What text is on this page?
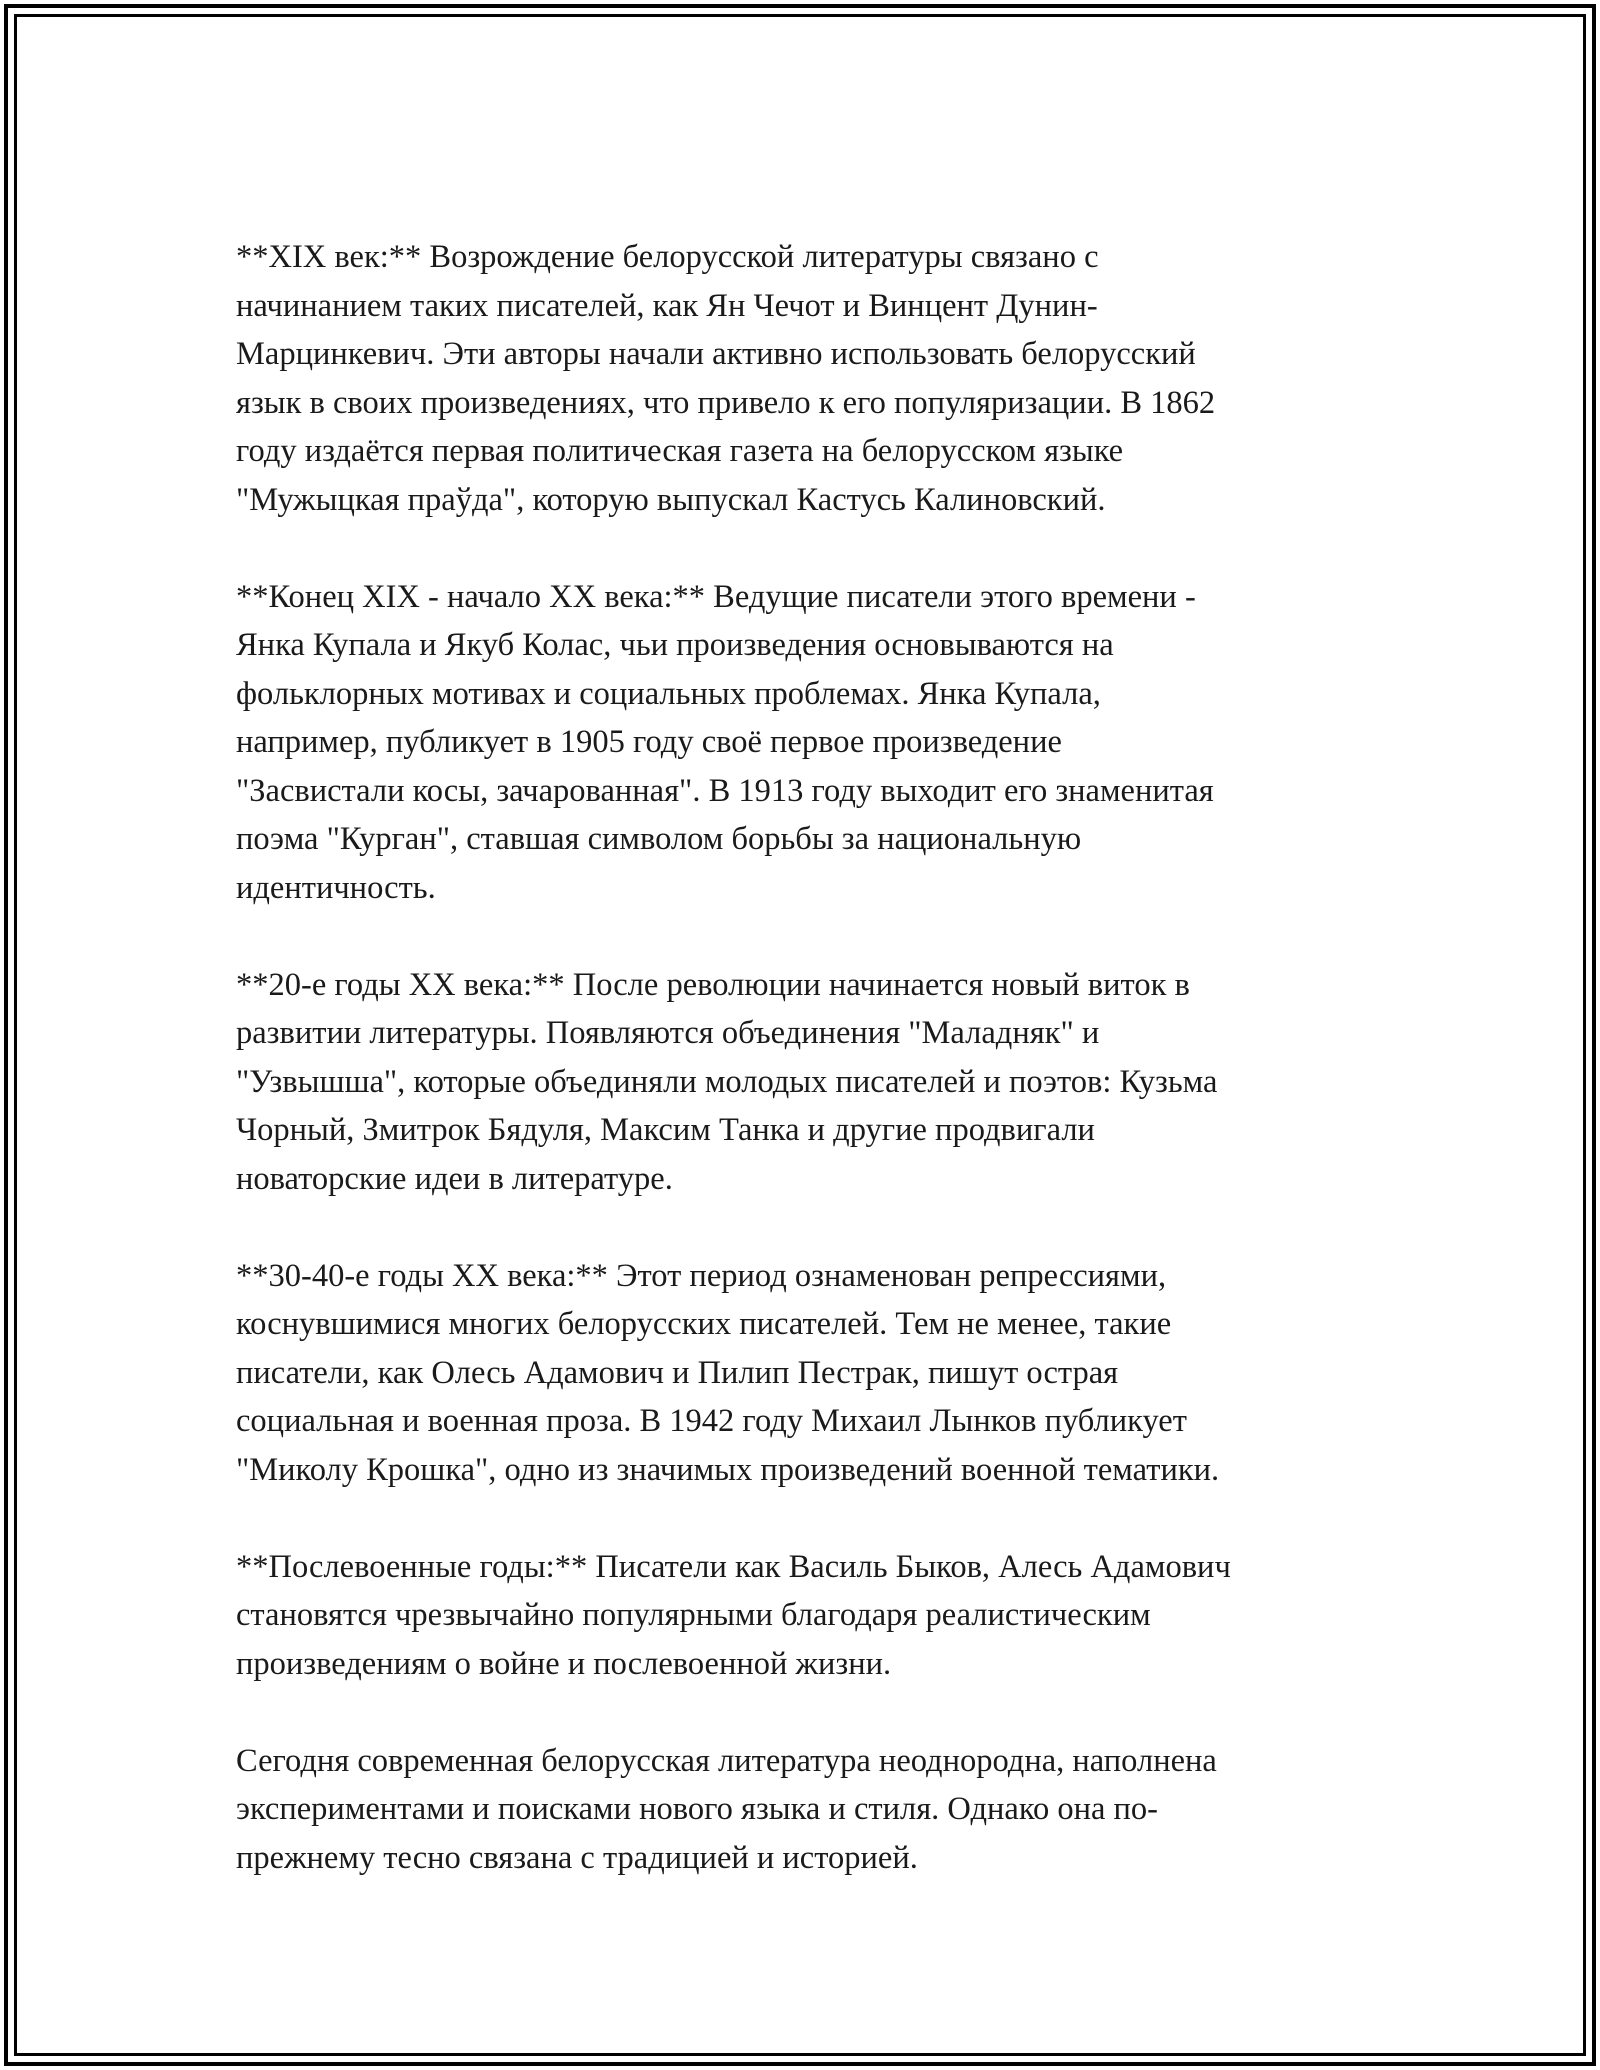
**XIX век:** Возрождение белорусской литературы связано с
начинанием таких писателей, как Ян Чечот и Винцент Дунин-
Марцинкевич. Эти авторы начали активно использовать белорусский
язык в своих произведениях, что привело к его популяризации. В 1862
году издаётся первая политическая газета на белорусском языке
"Мужыцкая праўда", которую выпускал Кастусь Калиновский.

**Конец XIX - начало XX века:** Ведущие писатели этого времени -
Янка Купала и Якуб Колас, чьи произведения основываются на
фольклорных мотивах и социальных проблемах. Янка Купала,
например, публикует в 1905 году своё первое произведение
"Засвистали косы, зачарованная". В 1913 году выходит его знаменитая
поэма "Курган", ставшая символом борьбы за национальную
идентичность.

**20-е годы XX века:** После революции начинается новый виток в
развитии литературы. Появляются объединения "Маладняк" и
"Узвышша", которые объединяли молодых писателей и поэтов: Кузьма
Чорный, Змитрок Бядуля, Максим Танка и другие продвигали
новаторские идеи в литературе.

**30-40-е годы XX века:** Этот период ознаменован репрессиями,
коснувшимися многих белорусских писателей. Тем не менее, такие
писатели, как Олесь Адамович и Пилип Пестрак, пишут острая
социальная и военная проза. В 1942 году Михаил Лынков публикует
"Миколу Крошка", одно из значимых произведений военной тематики.

**Послевоенные годы:** Писатели как Василь Быков, Алесь Адамович
становятся чрезвычайно популярными благодаря реалистическим
произведениям о войне и послевоенной жизни.

Сегодня современная белорусская литература неоднородна, наполнена
экспериментами и поисками нового языка и стиля. Однако она по-
прежнему тесно связана с традицией и историей.
